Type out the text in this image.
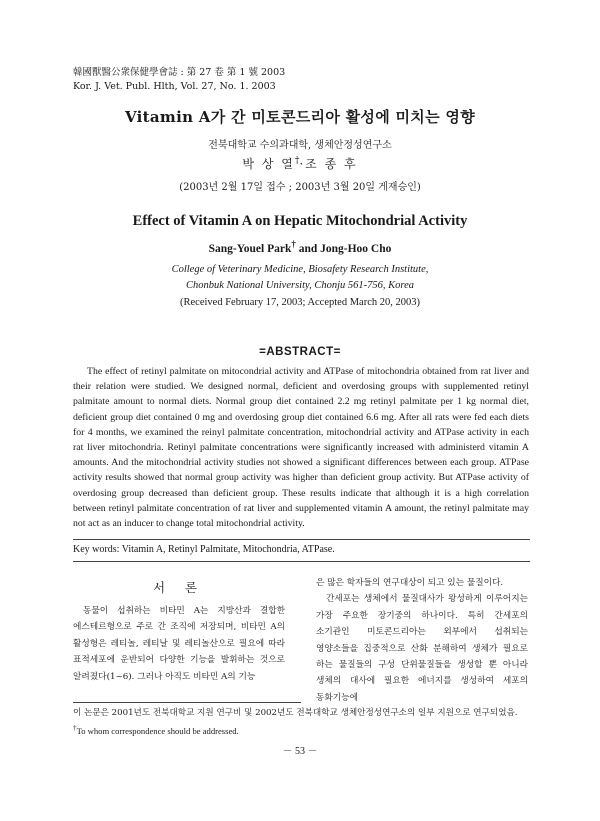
韓國獸醫公衆保健學會誌 : 第 27 卷 第 1 號 2003
Kor. J. Vet. Publ. Hlth, Vol. 27, No. 1. 2003
Vitamin A가 간 미토콘드리아 활성에 미치는 영향
전북대학교 수의과대학, 생체안정성연구소
박 상 열†·조 종 후
(2003년 2월 17일 접수 ; 2003년 3월 20일 게재승인)
Effect of Vitamin A on Hepatic Mitochondrial Activity
Sang-Youel Park† and Jong-Hoo Cho
College of Veterinary Medicine, Biosafety Research Institute,
Chonbuk National University, Chonju 561-756, Korea
(Received February 17, 2003; Accepted March 20, 2003)
=ABSTRACT=
The effect of retinyl palmitate on mitocondrial activity and ATPase of mitochondria obtained from rat liver and their relation were studied. We designed normal, deficient and overdosing groups with supplemented retinyl palmitate amount to normal diets. Normal group diet contained 2.2 mg retinyl palmitate per 1 kg normal diet, deficient group diet contained 0 mg and overdosing group diet contained 6.6 mg. After all rats were fed each diets for 4 months, we examined the reinyl palmitate concentration, mitochondrial activity and ATPase activity in each rat liver mitochondria. Retinyl palmitate concentrations were significantly increased with administerd vitamin A amounts. And the mitochondrial activity studies not showed a significant differences between each group. ATPase activity results showed that normal group activity was higher than deficient group activity. But ATPase activity of overdosing group decreased than deficient group. These results indicate that although it is a high correlation between retinyl palmitate concentration of rat liver and supplemented vitamin A amount, the retinyl palmitate may not act as an inducer to change total mitochondrial activity.
Key words: Vitamin A, Retinyl Palmitate, Mitochondria, ATPase.
서 론
동물이 섭취하는 비타민 A는 지방산과 결합한 에스테르형으로 주로 간 조직에 저장되며, 비타민 A의 활성형은 레티놀, 레티날 및 레티놀산으로 필요에 따라 표적세포에 운반되어 다양한 기능을 발휘하는 것으로 알려졌다(1~6). 그러나 아직도 비타민 A의 기능

은 많은 학자들의 연구대상이 되고 있는 물질이다.

간세포는 생체에서 물질대사가 왕성하게 이루어지는 가장 주요한 장기중의 하나이다. 특히 간세포의 소기관인 미토콘드리아는 외부에서 섭취되는 영양소들을 집중적으로 산화 분해하여 생체가 필요로 하는 물질들의 구성 단위물질들을 생성할 뿐 아니라 생체의 대사에 필요한 에너지를 생성하여 세포의 동화기능에

이 논문은 2001년도 전북대학교 지원 연구비 및 2002년도 전북대학교 생체안정성연구소의 일부 지원으로 연구되었음.
†To whom correspondence should be addressed.
－ 53 －
